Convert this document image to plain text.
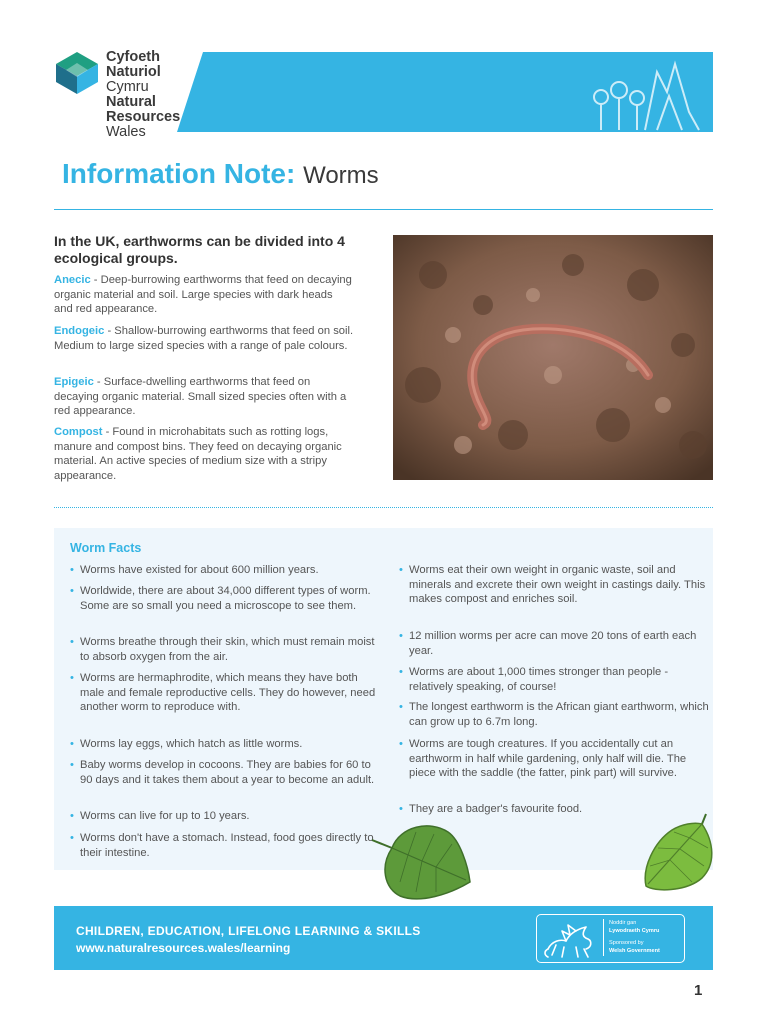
Cyfoeth
Naturiol
Cymru
Natural
Resources
Wales
Information Note: Worms
In the UK, earthworms can be divided into 4 ecological groups.
Anecic - Deep-burrowing earthworms that feed on decaying organic material and soil. Large species with dark heads and red appearance.
Endogeic - Shallow-burrowing earthworms that feed on soil. Medium to large sized species with a range of pale colours.
Epigeic - Surface-dwelling earthworms that feed on decaying organic material. Small sized species often with a red appearance.
Compost - Found in microhabitats such as rotting logs, manure and compost bins. They feed on decaying organic material. An active species of medium size with a stripy appearance.
Worm Facts
• Worms have existed for about 600 million years.
• Worldwide, there are about 34,000 different types of worm. Some are so small you need a microscope to see them.
• Worms breathe through their skin, which must remain moist to absorb oxygen from the air.
• Worms are hermaphrodite, which means they have both male and female reproductive cells. They do however, need another worm to reproduce with.
• Worms lay eggs, which hatch as little worms.
• Baby worms develop in cocoons. They are babies for 60 to 90 days and it takes them about a year to become an adult.
• Worms can live for up to 10 years.
• Worms don't have a stomach. Instead, food goes directly to their intestine.
• Worms eat their own weight in organic waste, soil and minerals and excrete their own weight in castings daily. This makes compost and enriches soil.
• 12 million worms per acre can move 20 tons of earth each year.
• Worms are about 1,000 times stronger than people - relatively speaking, of course!
• The longest earthworm is the African giant earthworm, which can grow up to 6.7m long.
• Worms are tough creatures. If you accidentally cut an earthworm in half while gardening, only half will die. The piece with the saddle (the fatter, pink part) will survive.
• They are a badger's favourite food.
CHILDREN, EDUCATION, LIFELONG LEARNING & SKILLS
www.naturalresources.wales/learning
Noddir gan
Lywodraeth Cymru
Sponsored by
Welsh Government
1
